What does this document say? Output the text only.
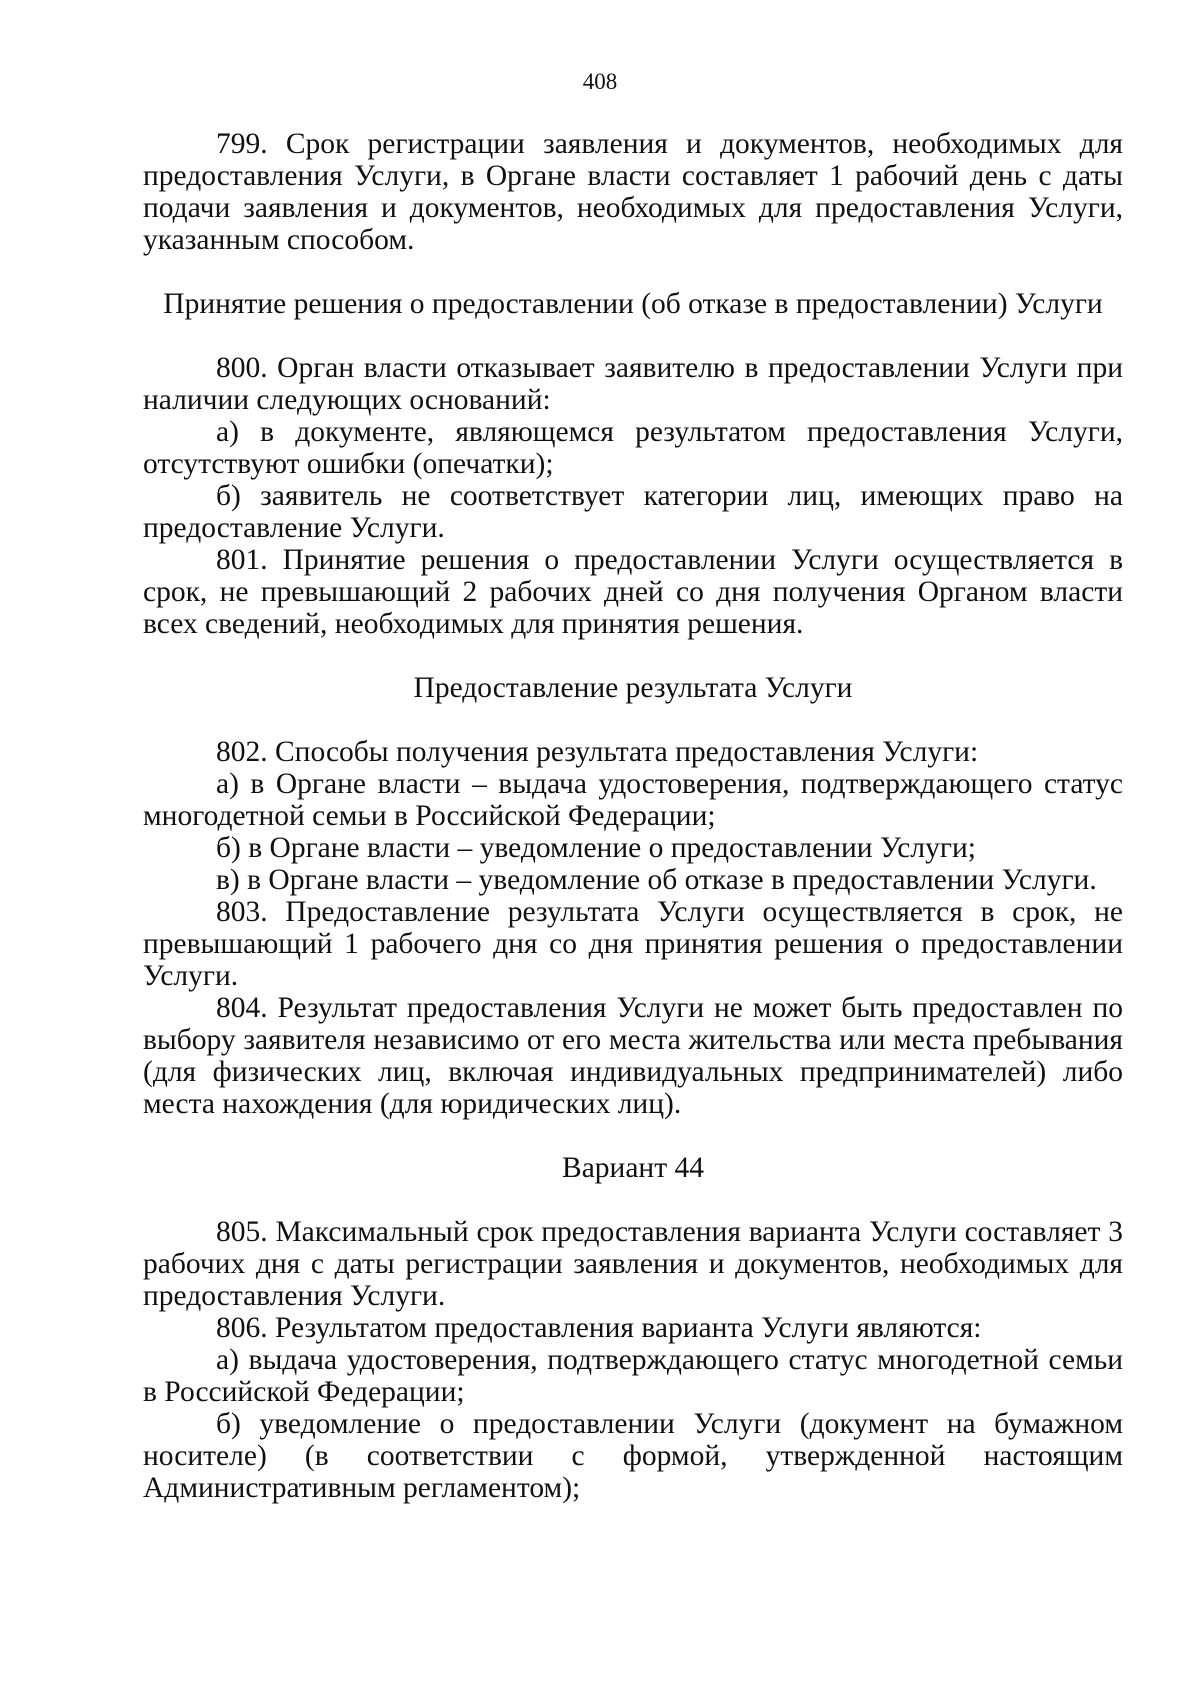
408

799. Срок регистрации заявления и документов, необходимых для предоставления Услуги, в Органе власти составляет 1 рабочий день с даты подачи заявления и документов, необходимых для предоставления Услуги, указанным способом.

Принятие решения о предоставлении (об отказе в предоставлении) Услуги

800. Орган власти отказывает заявителю в предоставлении Услуги при наличии следующих оснований:

а) в документе, являющемся результатом предоставления Услуги, отсутствуют ошибки (опечатки);

б) заявитель не соответствует категории лиц, имеющих право на предоставление Услуги.

801. Принятие решения о предоставлении Услуги осуществляется в срок, не превышающий 2 рабочих дней со дня получения Органом власти всех сведений, необходимых для принятия решения.

Предоставление результата Услуги

802. Способы получения результата предоставления Услуги:

а) в Органе власти – выдача удостоверения, подтверждающего статус многодетной семьи в Российской Федерации;

б) в Органе власти – уведомление о предоставлении Услуги;

в) в Органе власти – уведомление об отказе в предоставлении Услуги.

803. Предоставление результата Услуги осуществляется в срок, не превышающий 1 рабочего дня со дня принятия решения о предоставлении Услуги.

804. Результат предоставления Услуги не может быть предоставлен по выбору заявителя независимо от его места жительства или места пребывания (для физических лиц, включая индивидуальных предпринимателей) либо места нахождения (для юридических лиц).

Вариант 44

805. Максимальный срок предоставления варианта Услуги составляет 3 рабочих дня с даты регистрации заявления и документов, необходимых для предоставления Услуги.

806. Результатом предоставления варианта Услуги являются:

а) выдача удостоверения, подтверждающего статус многодетной семьи в Российской Федерации;

б) уведомление о предоставлении Услуги (документ на бумажном носителе) (в соответствии с формой, утвержденной настоящим Административным регламентом);
